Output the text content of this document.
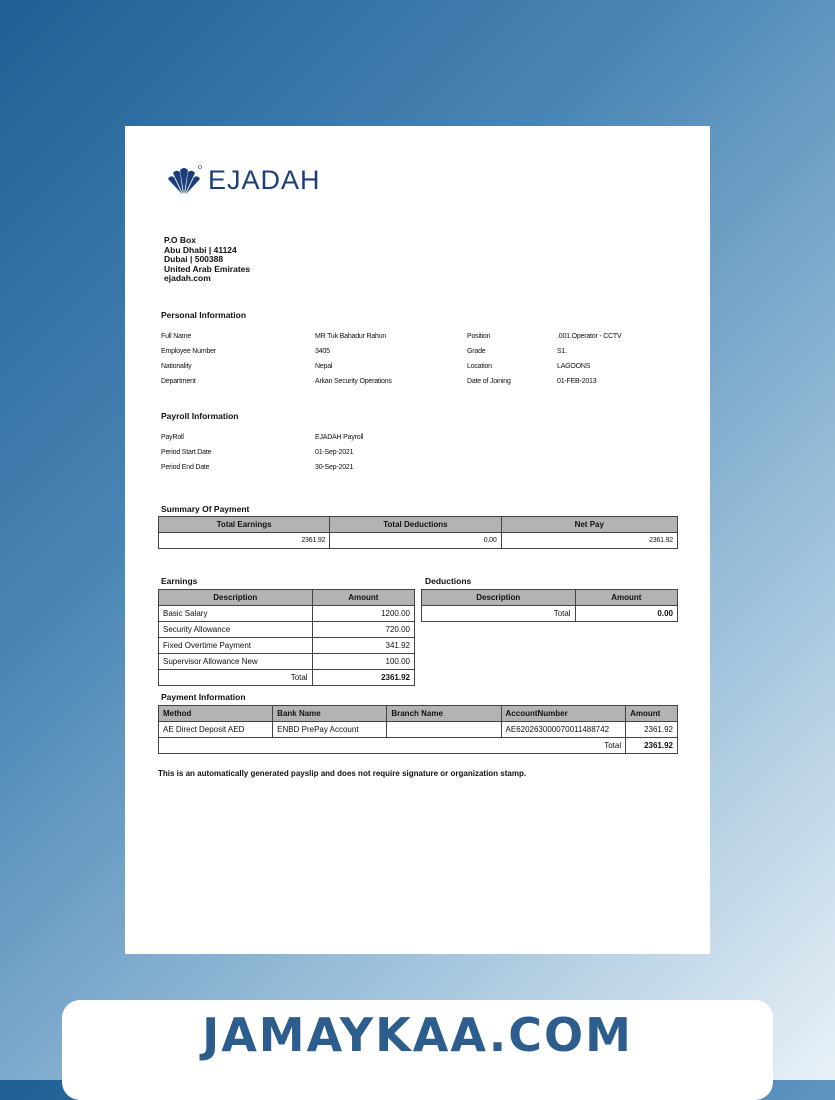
EJADAH
P.O Box
Abu Dhabi | 41124
Dubai | 500388
United Arab Emirates
ejadah.com
Personal Information
Full Name	MR Tuk Bahadur Rahun	Position	.001.Operator - CCTV
Employee Number	3405	Grade	S1.
Nationality	Nepal	Location	LAGOONS
Department	Arkan Security Operations	Date of Joining	01-FEB-2013
Payroll Information
PayRoll	EJADAH Payroll
Period Start Date	01-Sep-2021
Period End Date	30-Sep-2021
Summary Of Payment
Total Earnings	Total Deductions	Net Pay
2361.92	0.00	2361.92
Earnings
Description	Amount
Basic Salary	1200.00
Security Allowance	720.00
Fixed Overtime Payment	341.92
Supervisor Allowance New	100.00
Total	2361.92
Deductions
Description	Amount
Total	0.00
Payment Information
Method	Bank Name	Branch Name	AccountNumber	Amount
AE Direct Deposit AED	ENBD PrePay Account		AE620263000070011488742	2361.92
Total				2361.92
This is an automatically generated payslip and does not require signature or organization stamp.
JAMAYKAA.COM
